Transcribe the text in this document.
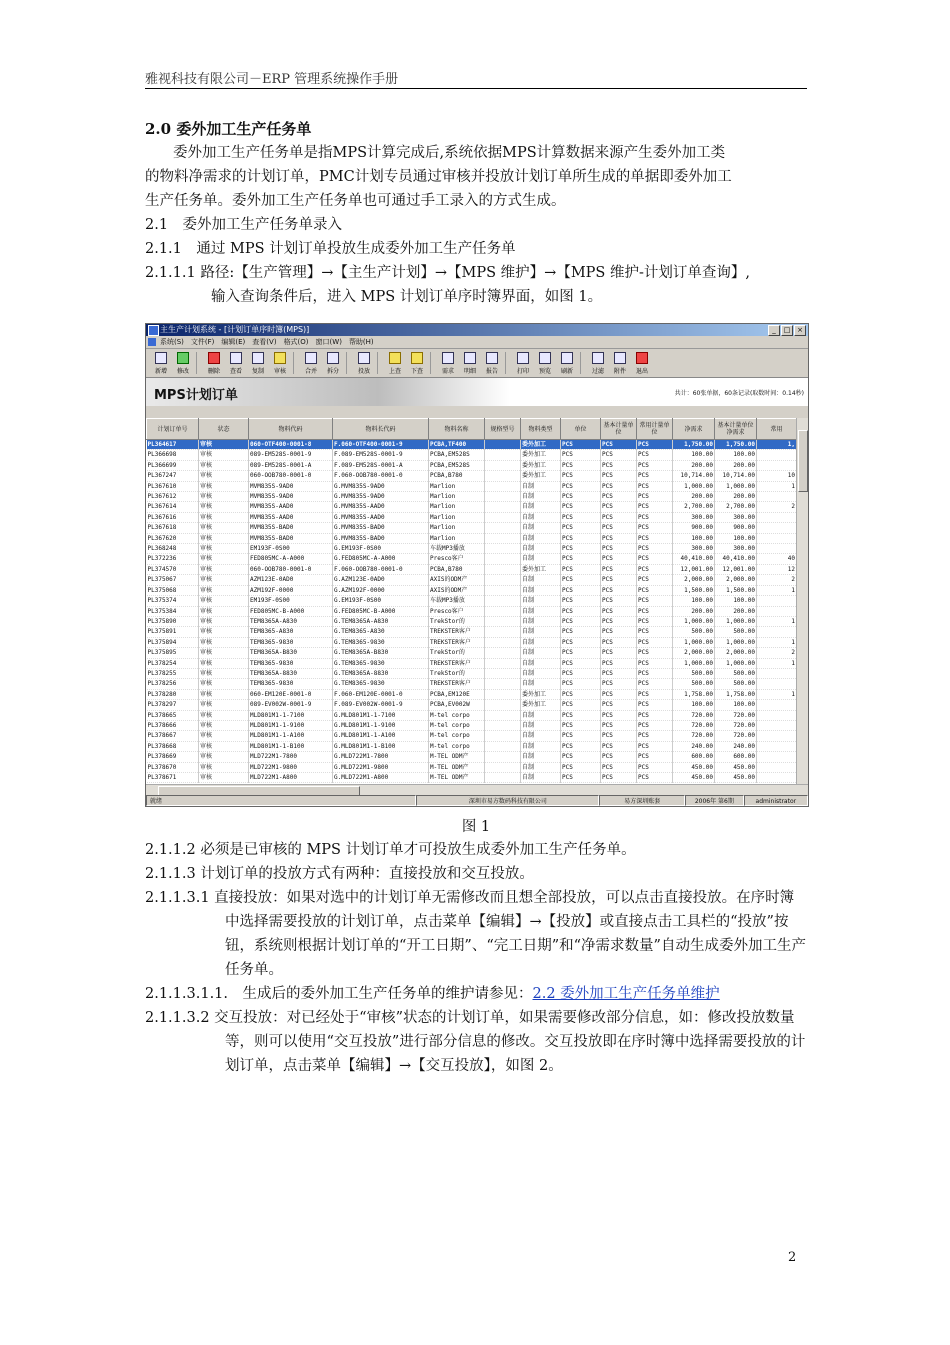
雅视科技有限公司－ERP 管理系统操作手册
2.0 委外加工生产任务单
委外加工生产任务单是指MPS计算完成后,系统依据MPS计算数据来源产生委外加工类
的物料净需求的计划订单，PMC计划专员通过审核并投放计划订单所生成的单据即委外加工
生产任务单。委外加工生产任务单也可通过手工录入的方式生成。
2.1　委外加工生产任务单录入
2.1.1　通过 MPS 计划订单投放生成委外加工生产任务单
2.1.1.1 路径:【生产管理】→【主生产计划】→【MPS 维护】→【MPS 维护-计划订单查询】,
输入查询条件后，进入 MPS 计划订单序时簿界面，如图 1。
主生产计划系统 - [计划订单序时簿(MPS)]	_	□ ×
系统(S) 文件(F) 编辑(E) 查看(V) 格式(O) 窗口(W) 帮助(H)
新增 修改	删除 查看 复制 审核	合并 拆分	投放	上查 下查	需求 明细 报告	打印 预览 刷新	过滤 附件 退出
MPS计划订单	共计：60张单据，60条记录(取数时间：0.14秒)
计划订单号	状态	物料代码	物料长代码	物料名称	规格型号	物料类型	单位	基本计量单位	常用计量单位	净需求	基本计量单位净需求	常用
PL364617	审核	060-OTF400-0001-8	F.060-OTF400-0001-9	PCBA,TF400		委外加工	PCS	PCS	PCS	1,750.00	1,750.00	1,
PL366698	审核	089-EM528S-0001-9	F.089-EM528S-0001-9	PCBA,EM528S		委外加工	PCS	PCS	PCS	100.00	100.00	
PL366699	审核	089-EM528S-0001-A	F.089-EM528S-0001-A	PCBA,EM528S		委外加工	PCS	PCS	PCS	200.00	200.00	
PL367247	审核	060-OOB780-0001-0	F.060-OOB780-0001-0	PCBA,B780		委外加工	PCS	PCS	PCS	10,714.00	10,714.00	10
PL367610	审核	MVM835S-9AD0	G.MVM835S-9AD0	Marlion		自制	PCS	PCS	PCS	1,000.00	1,000.00	1
PL367612	审核	MVM835S-9AD0	G.MVM835S-9AD0	Marlion		自制	PCS	PCS	PCS	200.00	200.00	
PL367614	审核	MVM835S-AAD0	G.MVM835S-AAD0	Marlion		自制	PCS	PCS	PCS	2,700.00	2,700.00	2
PL367616	审核	MVM835S-AAD0	G.MVM835S-AAD0	Marlion		自制	PCS	PCS	PCS	300.00	300.00	
PL367618	审核	MVM835S-BAD0	G.MVM835S-BAD0	Marlion		自制	PCS	PCS	PCS	900.00	900.00	
PL367620	审核	MVM835S-BAD0	G.MVM835S-BAD0	Marlion		自制	PCS	PCS	PCS	100.00	100.00	
PL368248	审核	EM193F-0S00	G.EM193F-0S00	车载MP3播放		自制	PCS	PCS	PCS	300.00	300.00	
PL372236	审核	FED805MC-A-A000	G.FED805MC-A-A000	Presco客户		自制	PCS	PCS	PCS	40,410.00	40,410.00	40
PL374570	审核	060-OOB780-0001-0	F.060-OOB780-0001-0	PCBA,B780		委外加工	PCS	PCS	PCS	12,001.00	12,001.00	12
PL375067	审核	AZM123E-0AD0	G.AZM123E-0AD0	AXIS的ODM产		自制	PCS	PCS	PCS	2,000.00	2,000.00	2
PL375068	审核	AZM192F-0000	G.AZM192F-0000	AXIS的ODM产		自制	PCS	PCS	PCS	1,500.00	1,500.00	1
PL375374	审核	EM193F-0S00	G.EM193F-0S00	车载MP3播放		自制	PCS	PCS	PCS	100.00	100.00	
PL375384	审核	FED805MC-B-A000	G.FED805MC-B-A000	Presco客户		自制	PCS	PCS	PCS	200.00	200.00	
PL375890	审核	TEM8365A-A830	G.TEM8365A-A830	TrekStor的		自制	PCS	PCS	PCS	1,000.00	1,000.00	1
PL375891	审核	TEM8365-A830	G.TEM8365-A830	TREKSTER客户		自制	PCS	PCS	PCS	500.00	500.00	
PL375894	审核	TEM8365-9830	G.TEM8365-9830	TREKSTER客户		自制	PCS	PCS	PCS	1,000.00	1,000.00	1
PL375895	审核	TEM8365A-B830	G.TEM8365A-B830	TrekStor的		自制	PCS	PCS	PCS	2,000.00	2,000.00	2
PL378254	审核	TEM8365-9830	G.TEM8365-9830	TREKSTER客户		自制	PCS	PCS	PCS	1,000.00	1,000.00	1
PL378255	审核	TEM8365A-8830	G.TEM8365A-8830	TrekStor的		自制	PCS	PCS	PCS	500.00	500.00	
PL378256	审核	TEM8365-9830	G.TEM8365-9830	TREKSTER客户		自制	PCS	PCS	PCS	500.00	500.00	
PL378280	审核	060-EM120E-0001-0	F.060-EM120E-0001-0	PCBA,EM120E		委外加工	PCS	PCS	PCS	1,758.00	1,758.00	1
PL378297	审核	089-EV002W-0001-9	F.089-EV002W-0001-9	PCBA,EV002W		委外加工	PCS	PCS	PCS	100.00	100.00	
PL378665	审核	MLD801M1-1-7100	G.MLD801M1-1-7100	M-tel corpo		自制	PCS	PCS	PCS	720.00	720.00	
PL378666	审核	MLD801M1-1-9100	G.MLD801M1-1-9100	M-tel corpo		自制	PCS	PCS	PCS	720.00	720.00	
PL378667	审核	MLD801M1-1-A100	G.MLD801M1-1-A100	M-tel corpo		自制	PCS	PCS	PCS	720.00	720.00	
PL378668	审核	MLD801M1-1-B100	G.MLD801M1-1-B100	M-tel corpo		自制	PCS	PCS	PCS	240.00	240.00	
PL378669	审核	MLD722M1-7800	G.MLD722M1-7800	M-TEL ODM产		自制	PCS	PCS	PCS	600.00	600.00	
PL378670	审核	MLD722M1-9800	G.MLD722M1-9800	M-TEL ODM产		自制	PCS	PCS	PCS	450.00	450.00	
PL378671	审核	MLD722M1-A800	G.MLD722M1-A800	M-TEL ODM产		自制	PCS	PCS	PCS	450.00	450.00	
就绪	深圳市易方数码科技有限公司	易方深圳账套	2006年 第6期	administrator
图 1
2.1.1.2 必须是已审核的 MPS 计划订单才可投放生成委外加工生产任务单。
2.1.1.3 计划订单的投放方式有两种：直接投放和交互投放。
2.1.1.3.1 直接投放：如果对选中的计划订单无需修改而且想全部投放，可以点击直接投放。在序时簿中选择需要投放的计划订单，点击菜单【编辑】→【投放】或直接点击工具栏的“投放”按钮，系统则根据计划订单的“开工日期”、“完工日期”和“净需求数量”自动生成委外加工生产任务单。
2.1.1.3.1.1.　生成后的委外加工生产任务单的维护请参见：2.2 委外加工生产任务单维护
2.1.1.3.2 交互投放：对已经处于“审核”状态的计划订单，如果需要修改部分信息，如：修改投放数量等，则可以使用“交互投放”进行部分信息的修改。交互投放即在序时簿中选择需要投放的计划订单，点击菜单【编辑】→【交互投放】，如图 2。
2
